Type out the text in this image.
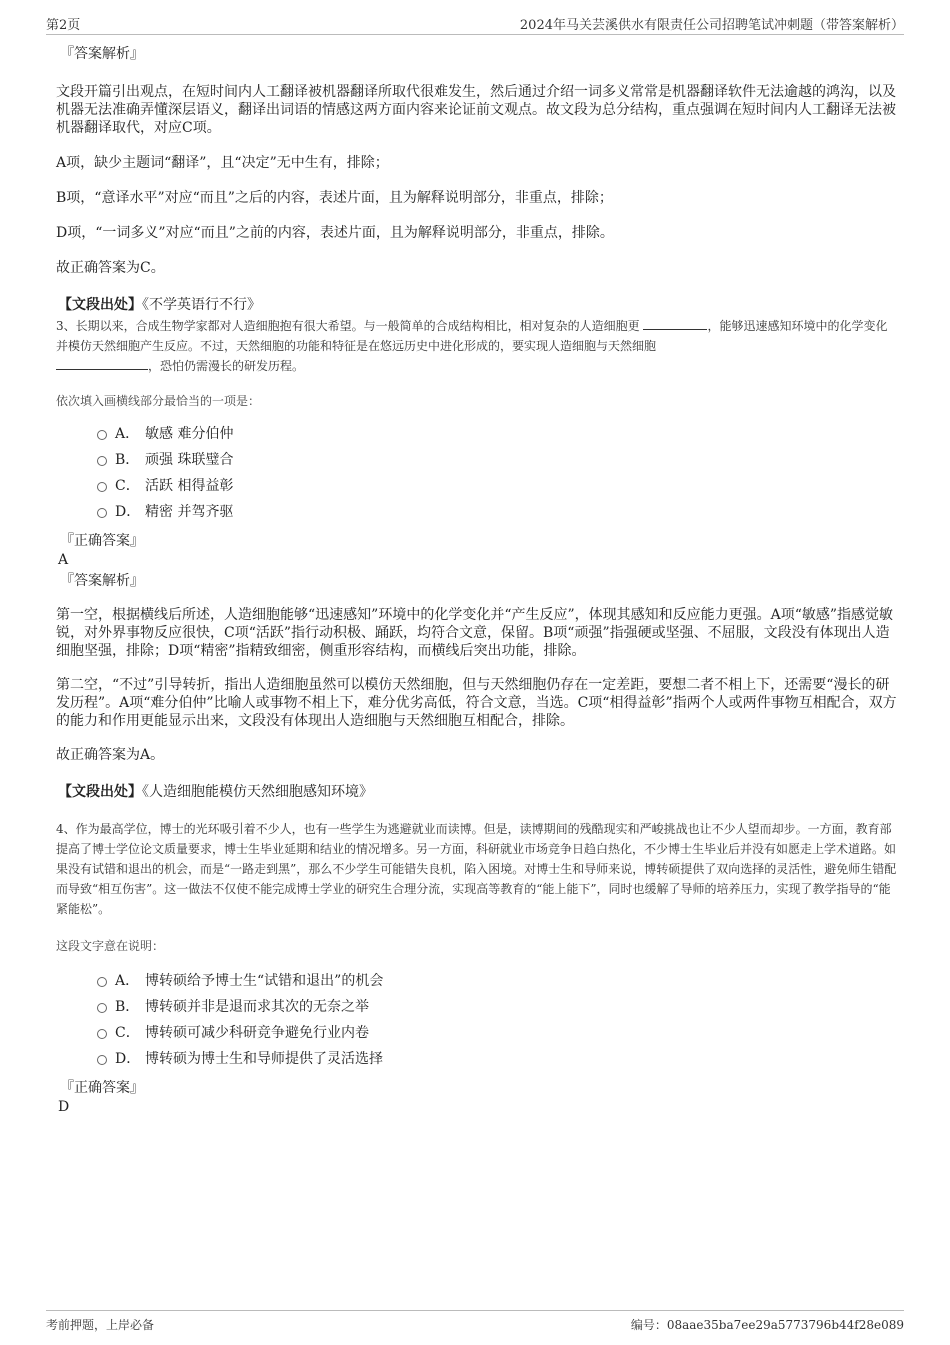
第2页	2024年马关芸溪供水有限责任公司招聘笔试冲刺题（带答案解析）

『答案解析』

文段开篇引出观点，在短时间内人工翻译被机器翻译所取代很难发生，然后通过介绍一词多义常常是机器翻译软件无法逾越的鸿沟，以及机器无法准确弄懂深层语义，翻译出词语的情感这两方面内容来论证前文观点。故文段为总分结构，重点强调在短时间内人工翻译无法被机器翻译取代，对应C项。

A项，缺少主题词“翻译”，且“决定”无中生有，排除；

B项，“意译水平”对应“而且”之后的内容，表述片面，且为解释说明部分，非重点，排除；

D项，“一词多义”对应“而且”之前的内容，表述片面，且为解释说明部分，非重点，排除。

故正确答案为C。

【文段出处】《不学英语行不行》

3、长期以来，合成生物学家都对人造细胞抱有很大希望。与一般简单的合成结构相比，相对复杂的人造细胞更	，能够迅速感知环境中的化学变化并模仿天然细胞产生反应。不过，天然细胞的功能和特征是在悠远历史中进化形成的，要实现人造细胞与天然细胞
，恐怕仍需漫长的研发历程。

依次填入画横线部分最恰当的一项是：

A． 敏感 难分伯仲
B． 顽强 珠联璧合
C． 活跃 相得益彰
D． 精密 并驾齐驱

『正确答案』

A

『答案解析』

第一空，根据横线后所述，人造细胞能够“迅速感知”环境中的化学变化并“产生反应”，体现其感知和反应能力更强。A项“敏感”指感觉敏锐，对外界事物反应很快，C项“活跃”指行动积极、踊跃，均符合文意，保留。B项“顽强”指强硬或坚强、不屈服，文段没有体现出人造细胞坚强，排除；D项“精密”指精致细密，侧重形容结构，而横线后突出功能，排除。

第二空，“不过”引导转折，指出人造细胞虽然可以模仿天然细胞，但与天然细胞仍存在一定差距，要想二者不相上下，还需要“漫长的研发历程”。A项“难分伯仲”比喻人或事物不相上下，难分优劣高低，符合文意，当选。C项“相得益彰”指两个人或两件事物互相配合，双方的能力和作用更能显示出来，文段没有体现出人造细胞与天然细胞互相配合，排除。

故正确答案为A。

【文段出处】《人造细胞能模仿天然细胞感知环境》

4、作为最高学位，博士的光环吸引着不少人，也有一些学生为逃避就业而读博。但是，读博期间的残酷现实和严峻挑战也让不少人望而却步。一方面，教育部提高了博士学位论文质量要求，博士生毕业延期和结业的情况增多。另一方面，科研就业市场竞争日趋白热化，不少博士生毕业后并没有如愿走上学术道路。如果没有试错和退出的机会，而是“一路走到黑”，那么不少学生可能错失良机，陷入困境。对博士生和导师来说，博转硕提供了双向选择的灵活性，避免师生错配而导致“相互伤害”。这一做法不仅使不能完成博士学业的研究生合理分流，实现高等教育的“能上能下”，同时也缓解了导师的培养压力，实现了教学指导的“能紧能松”。

这段文字意在说明：

A． 博转硕给予博士生“试错和退出”的机会
B． 博转硕并非是退而求其次的无奈之举
C． 博转硕可减少科研竞争避免行业内卷
D． 博转硕为博士生和导师提供了灵活选择

『正确答案』

D

考前押题，上岸必备	编号：08aae35ba7ee29a5773796b44f28e089
